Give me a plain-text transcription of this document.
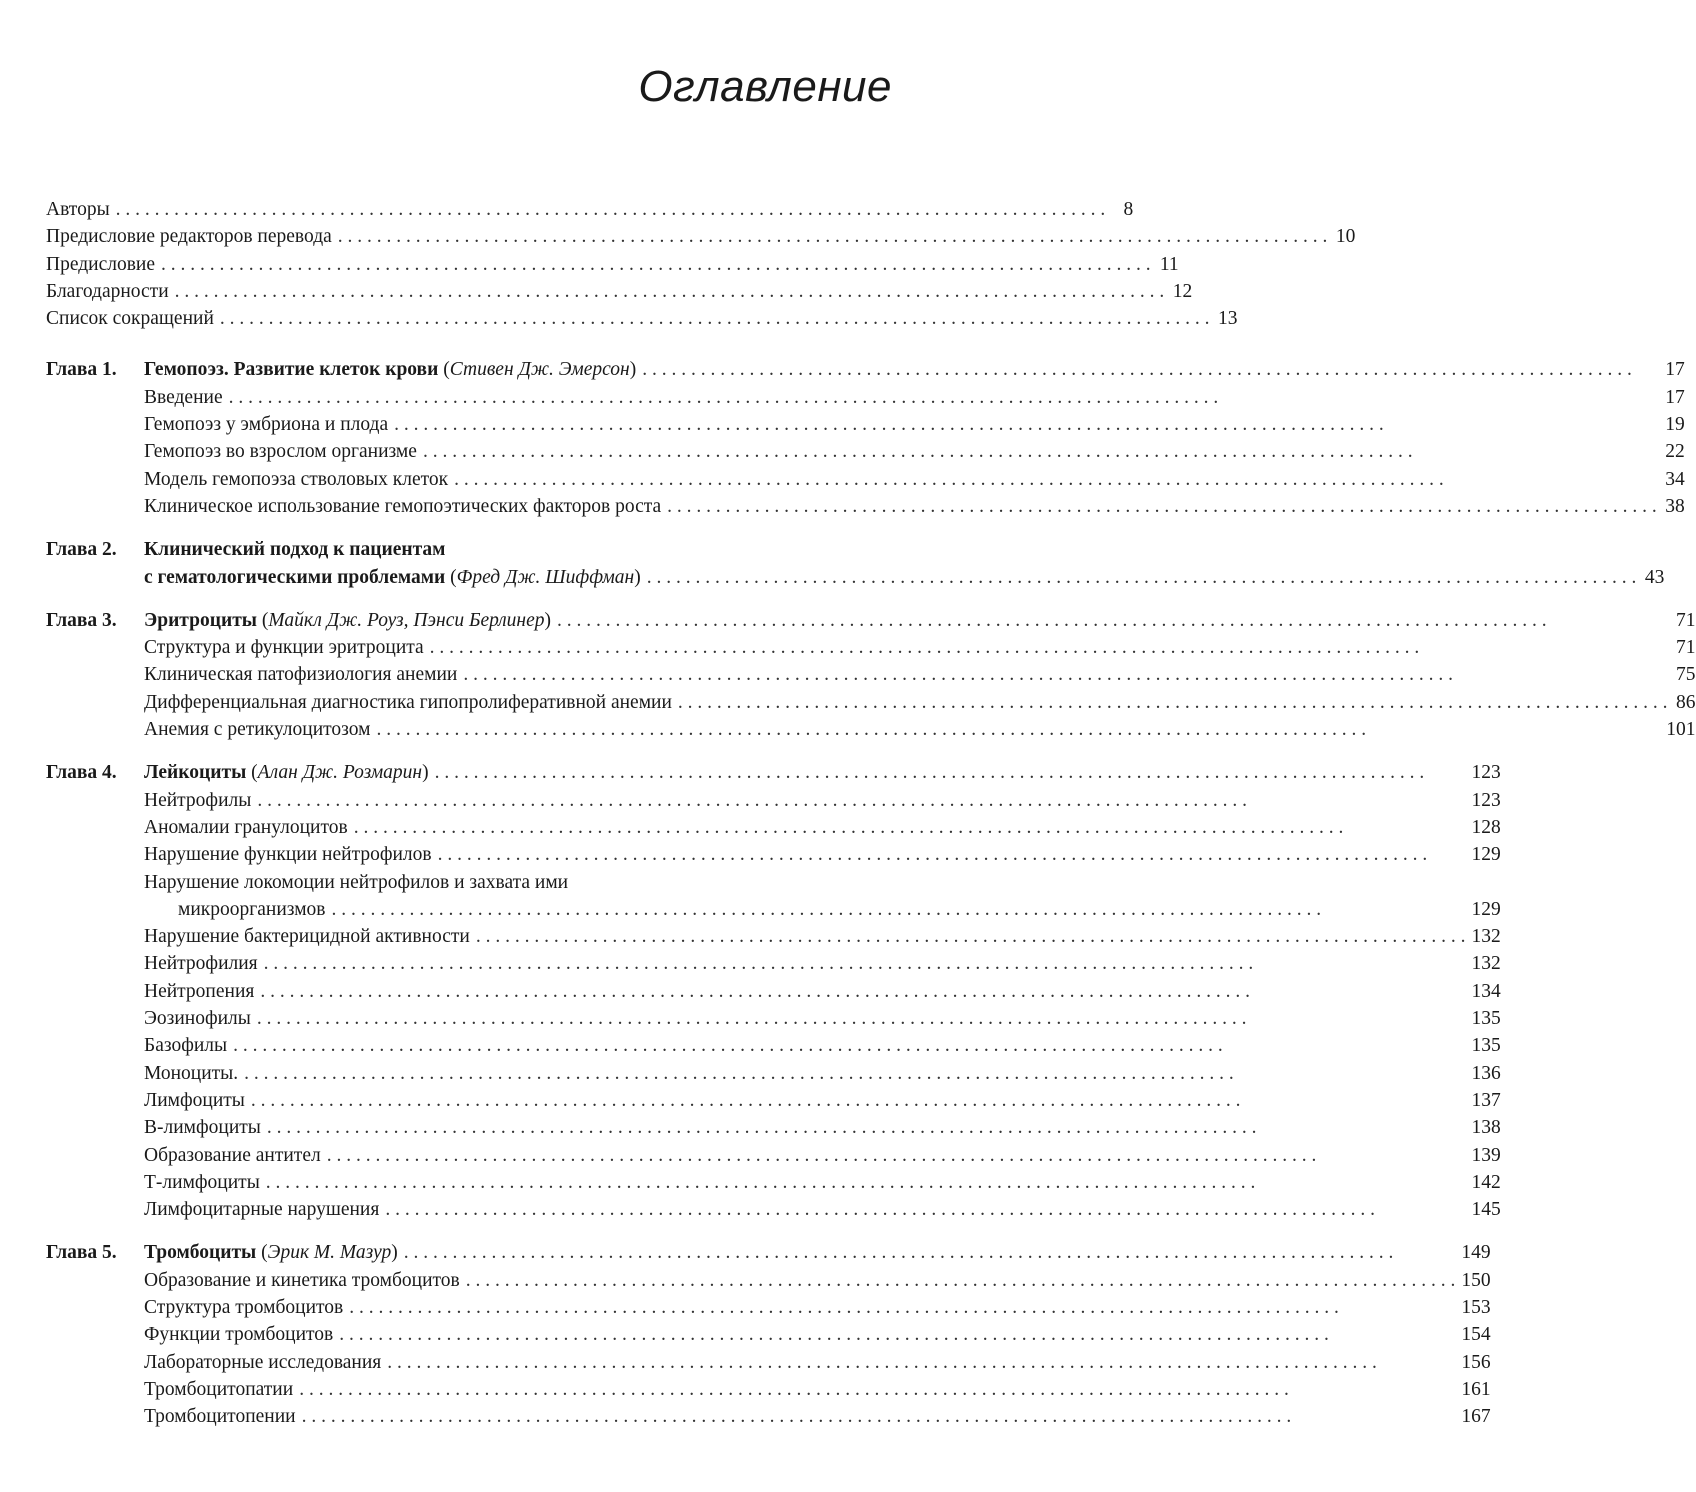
Оглавление
Авторы . . .	8
Предисловие редакторов перевода . . .	10
Предисловие . . .	11
Благодарности . . .	12
Список сокращений . . .	13
Глава 1.	Гемопоэз. Развитие клеток крови (Стивен Дж. Эмерсон) . . .	17
Введение . . .	17
Гемопоэз у эмбриона и плода . . .	19
Гемопоэз во взрослом организме . . .	22
Модель гемопоэза стволовых клеток . . .	34
Клиническое использование гемопоэтических факторов роста . . .	38
Глава 2.	Клинический подход к пациентам
с гематологическими проблемами (Фред Дж. Шиффман) . . .	43
Глава 3.	Эритроциты (Майкл Дж. Роуз, Пэнси Берлинер) . . .	71
Структура и функции эритроцита . . .	71
Клиническая патофизиология анемии . . .	75
Дифференциальная диагностика гипопролиферативной анемии . . .	86
Анемия с ретикулоцитозом . . .	101
Глава 4.	Лейкоциты (Алан Дж. Розмарин) . . .	123
Нейтрофилы . . .	123
Аномалии гранулоцитов . . .	128
Нарушение функции нейтрофилов . . .	129
Нарушение локомоции нейтрофилов и захвата ими
микроорганизмов . . .	129
Нарушение бактерицидной активности . . .	132
Нейтрофилия . . .	132
Нейтропения . . .	134
Эозинофилы . . .	135
Базофилы . . .	135
Моноциты. . . .	136
Лимфоциты . . .	137
В-лимфоциты . . .	138
Образование антител . . .	139
Т-лимфоциты . . .	142
Лимфоцитарные нарушения . . .	145
Глава 5.	Тромбоциты (Эрик М. Мазур) . . .	149
Образование и кинетика тромбоцитов . . .	150
Структура тромбоцитов . . .	153
Функции тромбоцитов . . .	154
Лабораторные исследования . . .	156
Тромбоцитопатии . . .	161
Тромбоцитопении . . .	167
